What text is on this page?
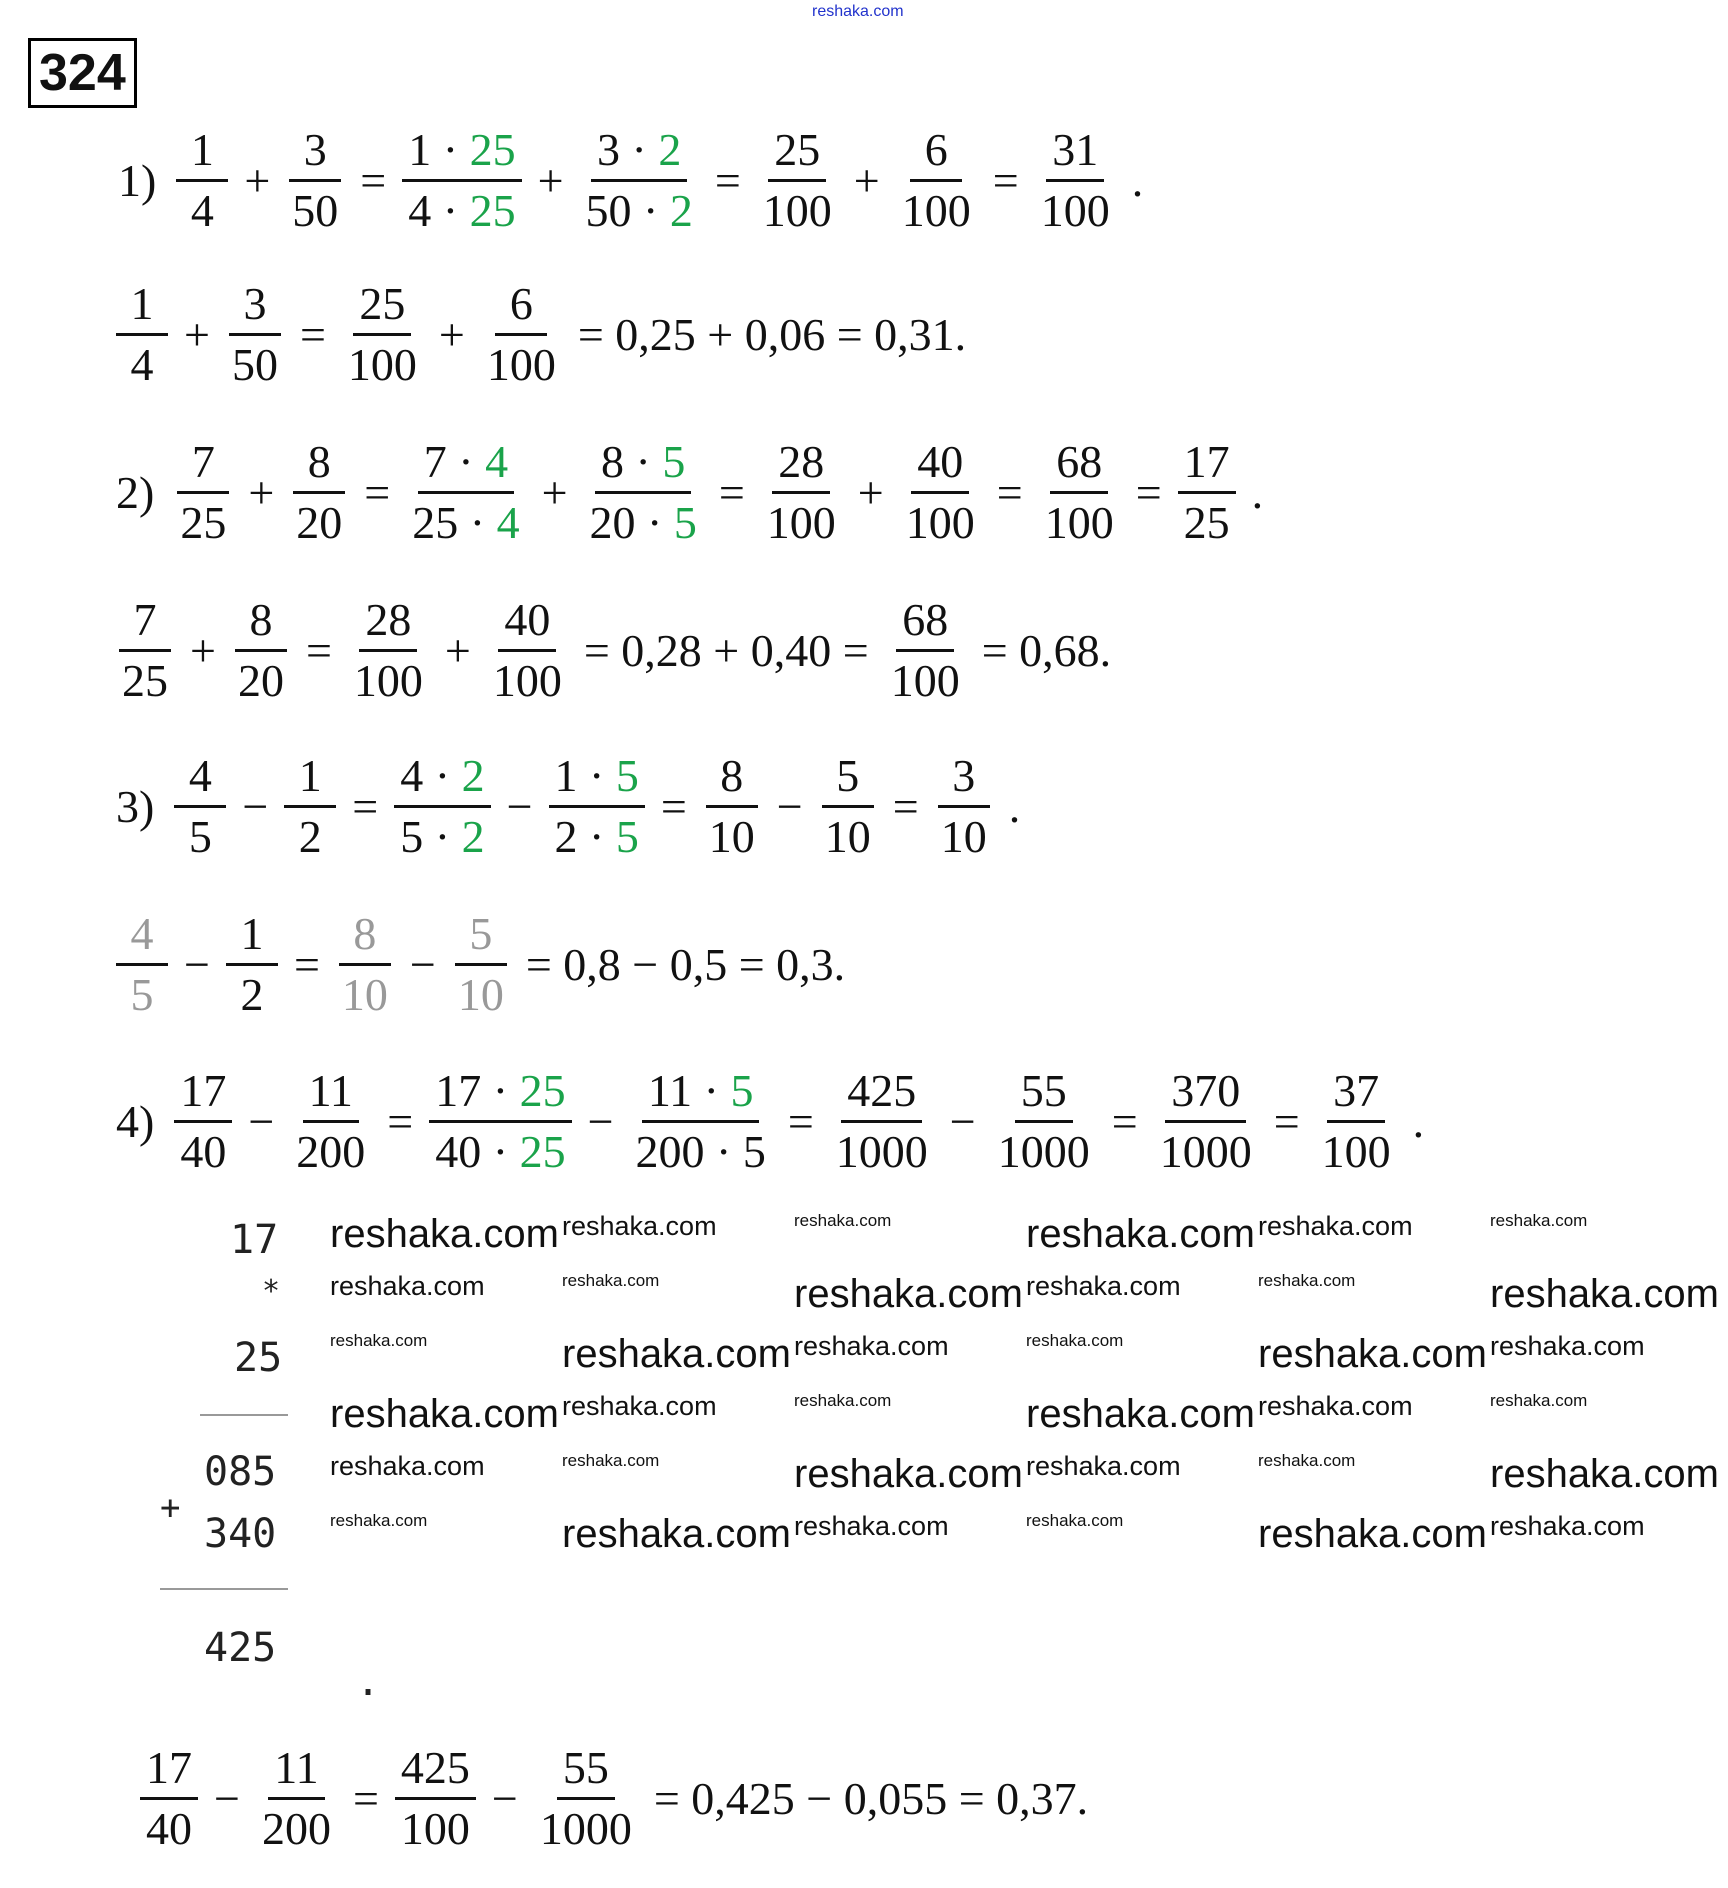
reshaka.com
324
$1) \frac{1}{4} + \frac{3}{50} = \frac{1 \cdot 25}{4 \cdot 25} + \frac{3 \cdot 2}{50 \cdot 2} = \frac{25}{100} + \frac{6}{100} = \frac{31}{100}$ .
$\frac{1}{4} + \frac{3}{50} = \frac{25}{100} + \frac{6}{100} = 0,25 + 0,06 = 0,31$.
$2) \frac{7}{25} + \frac{8}{20} = \frac{7 \cdot 4}{25 \cdot 4} + \frac{8 \cdot 5}{20 \cdot 5} = \frac{28}{100} + \frac{40}{100} = \frac{68}{100} = \frac{17}{25}$ .
$\frac{7}{25} + \frac{8}{20} = \frac{28}{100} + \frac{40}{100} = 0,28 + 0,40 = \frac{68}{100} = 0,68$.
$3) \frac{4}{5} - \frac{1}{2} = \frac{4 \cdot 2}{5 \cdot 2} - \frac{1 \cdot 5}{2 \cdot 5} = \frac{8}{10} - \frac{5}{10} = \frac{3}{10}$ .
$\frac{4}{5} - \frac{1}{2} = \frac{8}{10} - \frac{5}{10} = 0,8 - 0,5 = 0,3$.
$4) \frac{17}{40} - \frac{11}{200} = \frac{17 \cdot 25}{40 \cdot 25} - \frac{11 \cdot 5}{200 \cdot 5} = \frac{425}{1000} - \frac{55}{1000} = \frac{370}{1000} = \frac{37}{100}$ .
$\frac{17}{40} - \frac{11}{200} = \frac{425}{100} - \frac{55}{1000} = 0,425 - 0,055 = 0,37$.
17
*
25
085
+
340
425
.
reshaka.com reshaka.com	reshaka.com	reshaka.com reshaka.com	reshaka.com
reshaka.com	reshaka.com	reshaka.com reshaka.com	reshaka.com	reshaka.com
reshaka.com	reshaka.com reshaka.com	reshaka.com	reshaka.com reshaka.com
reshaka.com reshaka.com	reshaka.com	reshaka.com reshaka.com	reshaka.com
reshaka.com	reshaka.com	reshaka.com reshaka.com	reshaka.com	reshaka.com
reshaka.com	reshaka.com reshaka.com	reshaka.com	reshaka.com reshaka.com
